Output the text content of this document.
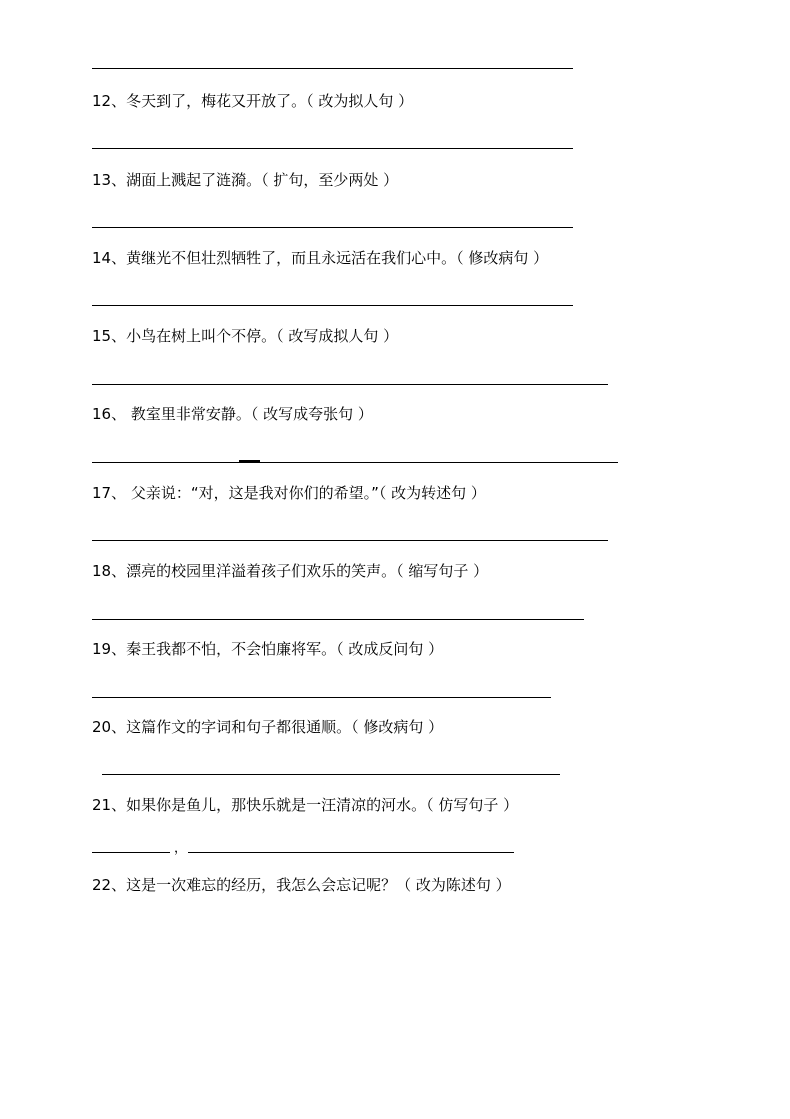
12、冬天到了，梅花又开放了。（ 改为拟人句 ）
13、湖面上溅起了涟漪。（ 扩句，至少两处 ）
14、黄继光不但壮烈牺牲了，而且永远活在我们心中。（ 修改病句 ）
15、小鸟在树上叫个不停。（ 改写成拟人句 ）
16、 教室里非常安静。（ 改写成夸张句 ）
17、 父亲说：“对，这是我对你们的希望。”（ 改为转述句 ）
18、漂亮的校园里洋溢着孩子们欢乐的笑声。（ 缩写句子 ）
19、秦王我都不怕，不会怕廉将军。（ 改成反问句 ）
20、这篇作文的字词和句子都很通顺。（ 修改病句 ）
21、如果你是鱼儿，那快乐就是一汪清凉的河水。（ 仿写句子 ）
，
22、这是一次难忘的经历，我怎么会忘记呢？（ 改为陈述句 ）
